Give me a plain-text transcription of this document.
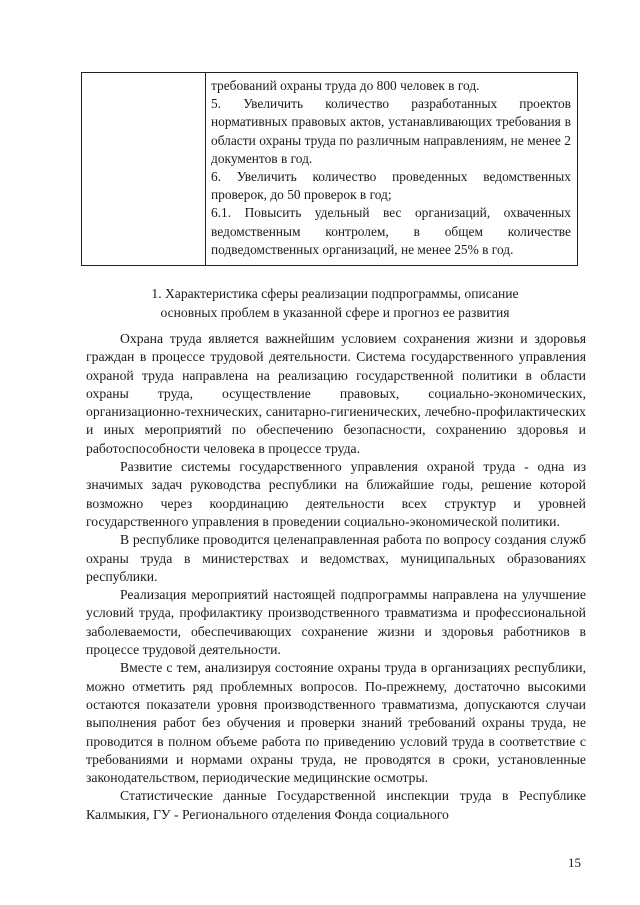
требований охраны труда до 800 человек в год.

5. Увеличить количество разработанных проектов нормативных правовых актов, устанавливающих требования в области охраны труда по различным направлениям, не менее 2 документов в год.

6. Увеличить количество проведенных ведомственных проверок, до 50 проверок в год;

6.1. Повысить удельный вес организаций, охваченных ведомственным контролем, в общем количестве подведомственных организаций, не менее 25% в год.

1. Характеристика сферы реализации подпрограммы, описание
основных проблем в указанной сфере и прогноз ее развития

Охрана труда является важнейшим условием сохранения жизни и здоровья граждан в процессе трудовой деятельности. Система государственного управления охраной труда направлена на реализацию государственной политики в области охраны труда, осуществление правовых, социально-экономических, организационно-технических, санитарно-гигиенических, лечебно-профилактических и иных мероприятий по обеспечению безопасности, сохранению здоровья и работоспособности человека в процессе труда.

Развитие системы государственного управления охраной труда - одна из значимых задач руководства республики на ближайшие годы, решение которой возможно через координацию деятельности всех структур и уровней государственного управления в проведении социально-экономической политики.

В республике проводится целенаправленная работа по вопросу создания служб охраны труда в министерствах и ведомствах, муниципальных образованиях республики.

Реализация мероприятий настоящей подпрограммы направлена на улучшение условий труда, профилактику производственного травматизма и профессиональной заболеваемости, обеспечивающих сохранение жизни и здоровья работников в процессе трудовой деятельности.

Вместе с тем, анализируя состояние охраны труда в организациях республики, можно отметить ряд проблемных вопросов. По-прежнему, достаточно высокими остаются показатели уровня производственного травматизма, допускаются случаи выполнения работ без обучения и проверки знаний требований охраны труда, не проводится в полном объеме работа по приведению условий труда в соответствие с требованиями и нормами охраны труда, не проводятся в сроки, установленные законодательством, периодические медицинские осмотры.

Статистические данные Государственной инспекции труда в Республике Калмыкия, ГУ - Регионального отделения Фонда социального

15
